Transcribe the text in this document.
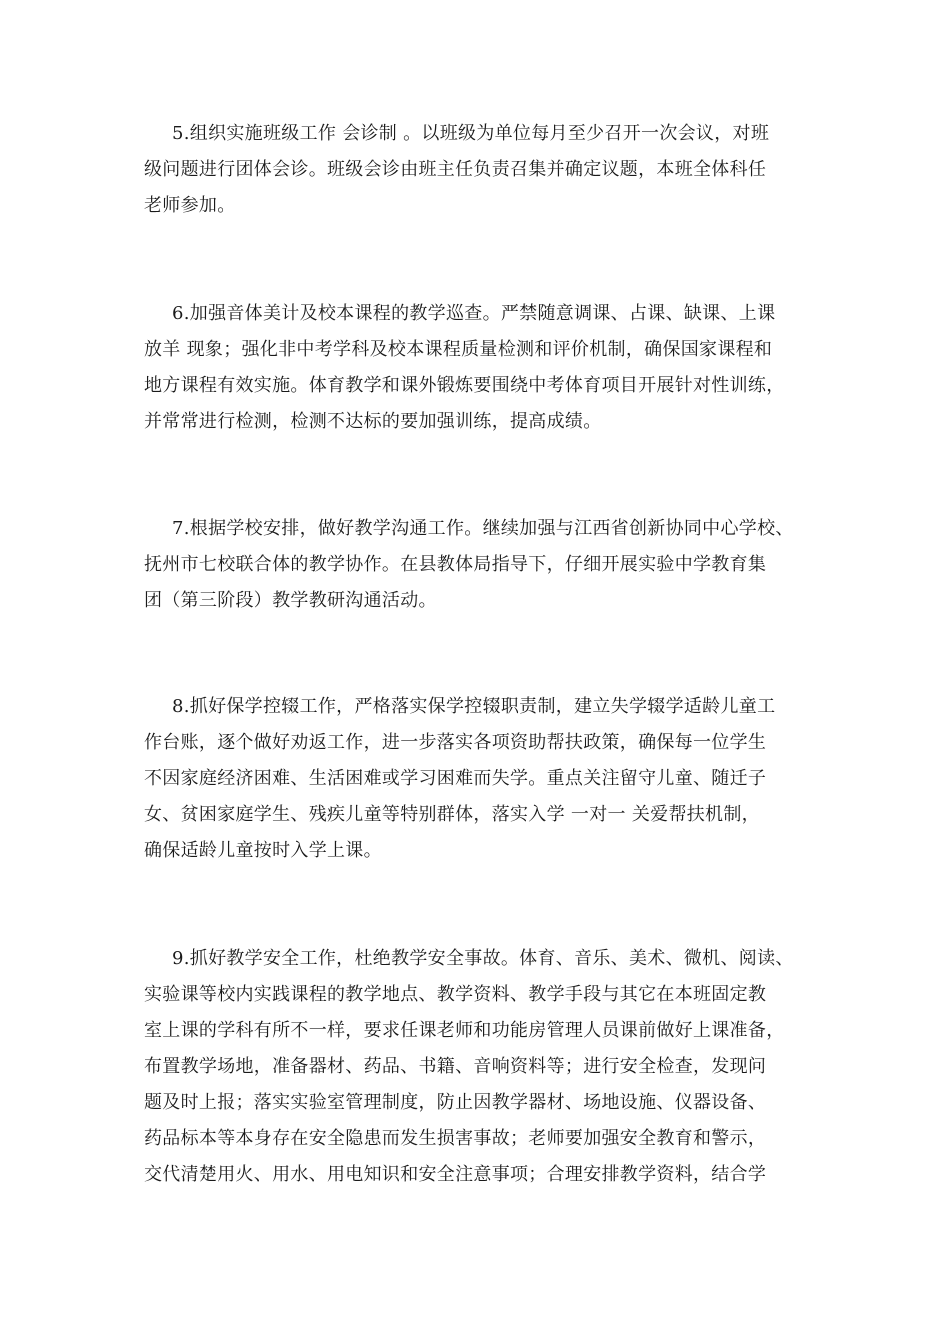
5.组织实施班级工作 会诊制 。以班级为单位每月至少召开一次会议，对班
级问题进行团体会诊。班级会诊由班主任负责召集并确定议题，本班全体科任
老师参加。
6.加强音体美计及校本课程的教学巡查。严禁随意调课、占课、缺课、上课
放羊 现象；强化非中考学科及校本课程质量检测和评价机制，确保国家课程和
地方课程有效实施。体育教学和课外锻炼要围绕中考体育项目开展针对性训练，
并常常进行检测，检测不达标的要加强训练，提高成绩。
7.根据学校安排，做好教学沟通工作。继续加强与江西省创新协同中心学校、
抚州市七校联合体的教学协作。在县教体局指导下，仔细开展实验中学教育集
团（第三阶段）教学教研沟通活动。
8.抓好保学控辍工作，严格落实保学控辍职责制，建立失学辍学适龄儿童工
作台账，逐个做好劝返工作，进一步落实各项资助帮扶政策，确保每一位学生
不因家庭经济困难、生活困难或学习困难而失学。重点关注留守儿童、随迁子
女、贫困家庭学生、残疾儿童等特别群体，落实入学 一对一 关爱帮扶机制，
确保适龄儿童按时入学上课。
9.抓好教学安全工作，杜绝教学安全事故。体育、音乐、美术、微机、阅读、
实验课等校内实践课程的教学地点、教学资料、教学手段与其它在本班固定教
室上课的学科有所不一样，要求任课老师和功能房管理人员课前做好上课准备，
布置教学场地，准备器材、药品、书籍、音响资料等；进行安全检查，发现问
题及时上报；落实实验室管理制度，防止因教学器材、场地设施、仪器设备、
药品标本等本身存在安全隐患而发生损害事故；老师要加强安全教育和警示，
交代清楚用火、用水、用电知识和安全注意事项；合理安排教学资料，结合学
